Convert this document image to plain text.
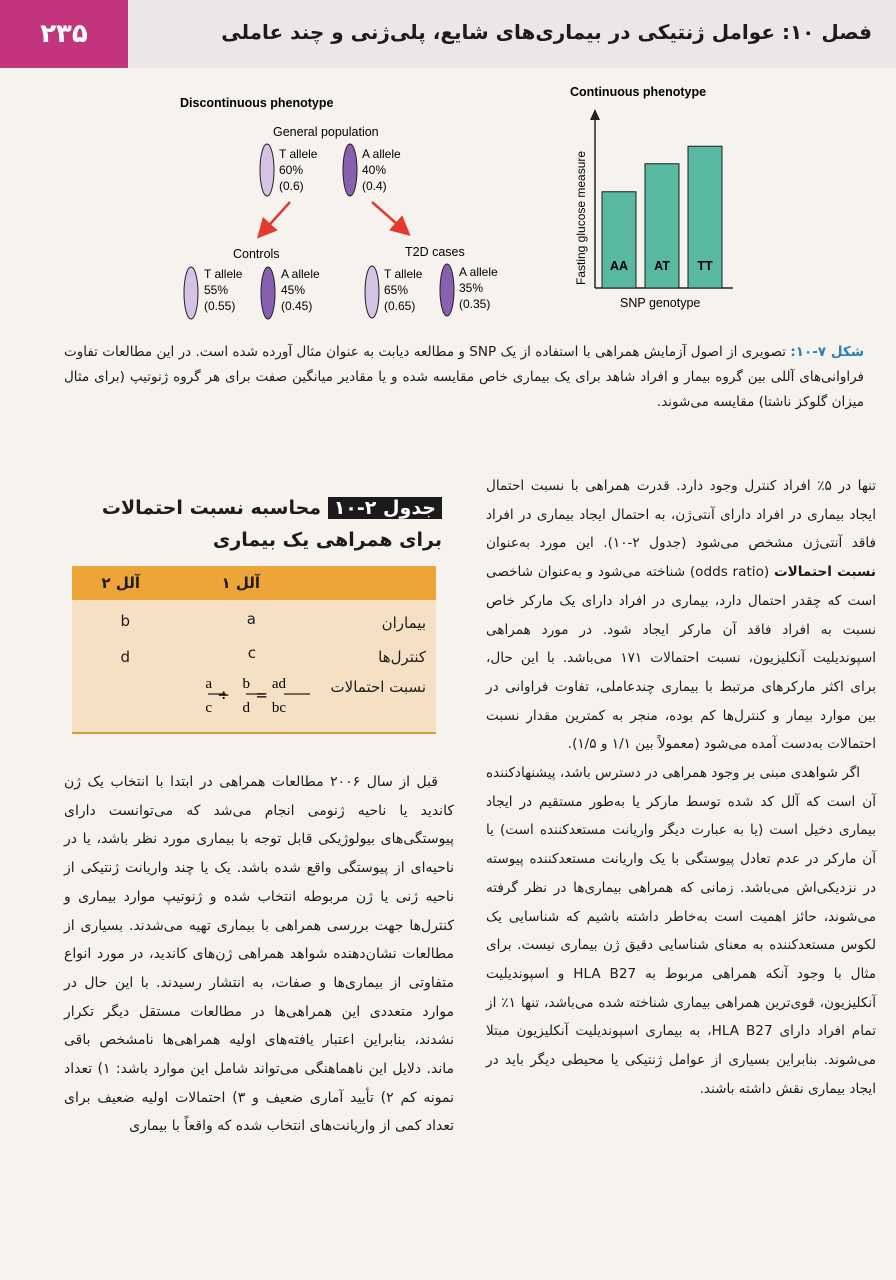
۲۳۵	فصل ۱۰: عوامل ژنتیکی در بیماری‌های شایع، پلی‌ژنی و چند عاملی
Discontinuous phenotype
General population
T allele
60%
(0.6)
A allele
40%
(0.4)
Controls
T allele
55%
(0.55)
A allele
45%
(0.45)
T2D cases
T allele
65%
(0.65)
A allele
35%
(0.35)
Continuous phenotype
Fasting glucose measure AA AT TT
SNP genotype
شکل ۷-۱۰: تصویری از اصول آزمایش همراهی با استفاده از یک SNP و مطالعه دیابت به عنوان مثال آورده شده است. در این مطالعات تفاوت فراوانی‌های آللی بین گروه بیمار و افراد شاهد برای یک بیماری خاص مقایسه شده و یا مقادیر میانگین صفت برای هر گروه ژنوتیپ (برای مثال میزان گلوکز ناشتا) مقایسه می‌شوند.
جدول ۲-۱۰ محاسبه نسبت احتمالات برای همراهی یک بیماری
آلل ۱
آلل ۲
بیماران
a
b
کنترل‌ها
c
d
نسبت احتمالات
a
c
÷
b
d
=
ad
bc

قبل از سال ۲۰۰۶ مطالعات همراهی در ابتدا با انتخاب یک ژن کاندید یا ناحیه ژنومی انجام می‌شد که می‌توانست دارای پیوستگی‌های بیولوژیکی قابل توجه با بیماری مورد نظر باشد، یا در ناحیه‌ای از پیوستگی واقع شده باشد. یک یا چند واریانت ژنتیکی از ناحیه ژنی یا ژن مربوطه انتخاب شده و ژنوتیپ موارد بیماری و کنترل‌ها جهت بررسی همراهی با بیماری تهیه می‌شدند. بسیاری از مطالعات نشان‌دهنده شواهد همراهی ژن‌های کاندید، در مورد انواع متفاوتی از بیماری‌ها و صفات، به انتشار رسیدند. با این حال در موارد متعددی این همراهی‌ها در مطالعات مستقل دیگر تکرار نشدند، بنابراین اعتبار یافته‌های اولیه همراهی‌ها نامشخص باقی ماند. دلایل این ناهماهنگی می‌تواند شامل این موارد باشد: ۱) تعداد نمونه کم ۲) تأیید آماری ضعیف و ۳) احتمالات اولیه ضعیف برای تعداد کمی از واریانت‌های انتخاب شده که واقعاً با بیماری

تنها در ۵٪ افراد کنترل وجود دارد. قدرت همراهی با نسبت احتمال ایجاد بیماری در افراد دارای آنتی‌ژن، به احتمال ایجاد بیماری در افراد فاقد آنتی‌ژن مشخص می‌شود (جدول ۲-۱۰). این مورد به‌عنوان نسبت احتمالات (odds ratio) شناخته می‌شود و به‌عنوان شاخصی است که چقدر احتمال دارد، بیماری در افراد دارای یک مارکر خاص نسبت به افراد فاقد آن مارکر ایجاد شود. در مورد همراهی اسپوندیلیت آنکلیزیون، نسبت احتمالات ۱۷۱ می‌باشد. با این حال، برای اکثر مارکرهای مرتبط با بیماری چندعاملی، تفاوت فراوانی در بین موارد بیمار و کنترل‌ها کم بوده، منجر به کمترین مقدار نسبت احتمالات به‌دست آمده می‌شود (معمولاً بین ۱/۱ و ۱/۵).

اگر شواهدی مبنی بر وجود همراهی در دسترس باشد، پیشنهادکننده آن است که آلل کد شده توسط مارکر یا به‌طور مستقیم در ایجاد بیماری دخیل است (یا به عبارت دیگر واریانت مستعدکننده است) یا آن مارکر در عدم تعادل پیوستگی با یک واریانت مستعدکننده پیوسته در نزدیکی‌اش می‌باشد. زمانی که همراهی بیماری‌ها در نظر گرفته می‌شوند، حائز اهمیت است به‌خاطر داشته باشیم که شناسایی یک لکوس مستعدکننده به معنای شناسایی دقیق ژن بیماری نیست. برای مثال با وجود آنکه همراهی مربوط به HLA B27 و اسپوندیلیت آنکلیزیون، قوی‌ترین همراهی بیماری شناخته شده می‌باشد، تنها ۱٪ از تمام افراد دارای HLA B27، به بیماری اسپوندیلیت آنکلیزیون مبتلا می‌شوند. بنابراین بسیاری از عوامل ژنتیکی یا محیطی دیگر باید در ایجاد بیماری نقش داشته باشند.
